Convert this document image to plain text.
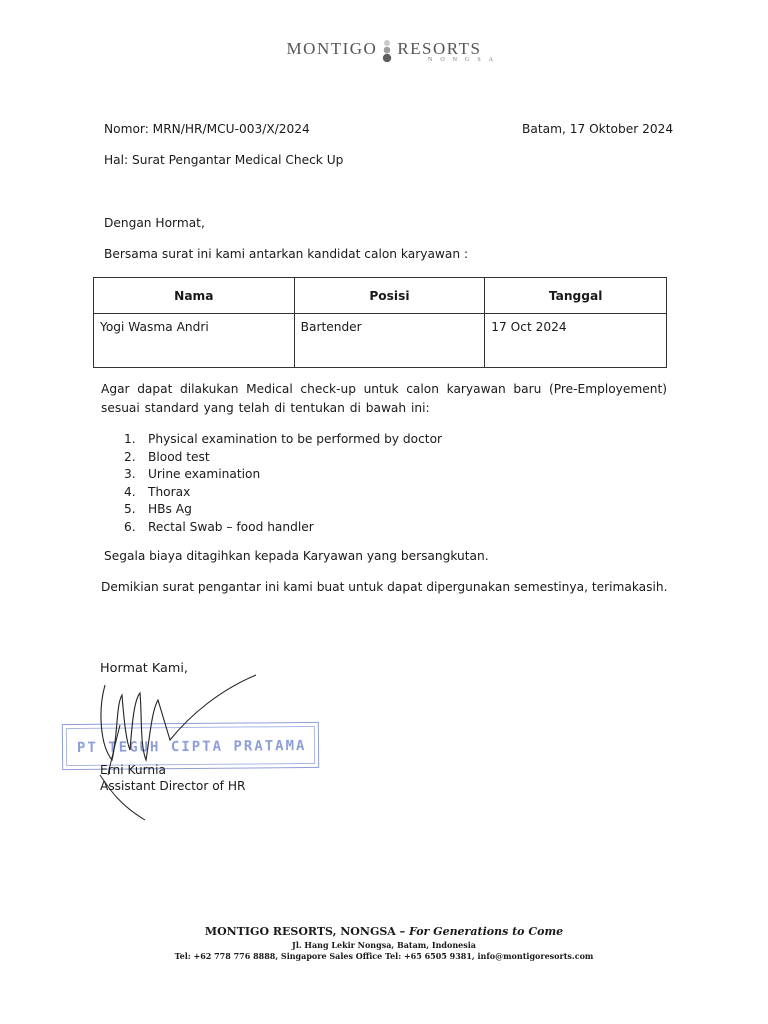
MONTIGO RESORTS
NONGSA
Nomor: MRN/HR/MCU-003/X/2024	Batam, 17 Oktober 2024
Hal: Surat Pengantar Medical Check Up
Dengan Hormat,
Bersama surat ini kami antarkan kandidat calon karyawan :
Nama	Posisi	Tanggal
Yogi Wasma Andri	Bartender	17 Oct 2024
Agar dapat dilakukan Medical check-up untuk calon karyawan baru (Pre-Employement) sesuai standard yang telah di tentukan di bawah ini:
1.	Physical examination to be performed by doctor
2.	Blood test
3.	Urine examination
4.	Thorax
5.	HBs Ag
6.	Rectal Swab – food handler
Segala biaya ditagihkan kepada Karyawan yang bersangkutan.
Demikian surat pengantar ini kami buat untuk dapat dipergunakan semestinya, terimakasih.
Hormat Kami,
PT TEGUH CIPTA PRATAMA
Erni Kurnia
Assistant Director of HR
MONTIGO RESORTS, NONGSA – For Generations to Come
Jl. Hang Lekir Nongsa, Batam, Indonesia
Tel: +62 778 776 8888, Singapore Sales Office Tel: +65 6505 9381, info@montigoresorts.com
